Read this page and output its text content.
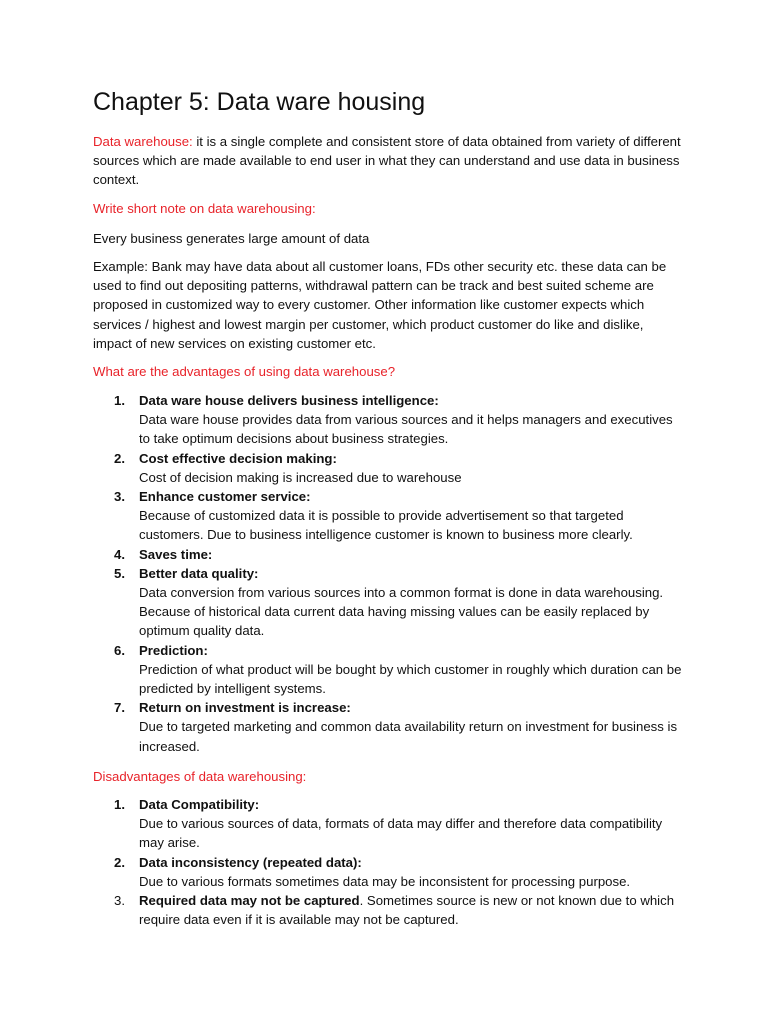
Chapter 5: Data ware housing

Data warehouse: it is a single complete and consistent store of data obtained from variety of different sources which are made available to end user in what they can understand and use data in business context.

Write short note on data warehousing:

Every business generates large amount of data

Example: Bank may have data about all customer loans, FDs other security etc. these data can be used to find out depositing patterns, withdrawal pattern can be track and best suited scheme are proposed in customized way to every customer. Other information like customer expects which services / highest and lowest margin per customer, which product customer do like and dislike, impact of new services on existing customer etc.

What are the advantages of using data warehouse?

1. Data ware house delivers business intelligence:
Data ware house provides data from various sources and it helps managers and executives to take optimum decisions about business strategies.
2. Cost effective decision making:
Cost of decision making is increased due to warehouse
3. Enhance customer service:
Because of customized data it is possible to provide advertisement so that targeted customers. Due to business intelligence customer is known to business more clearly.
4. Saves time:
5. Better data quality:
Data conversion from various sources into a common format is done in data warehousing. Because of historical data current data having missing values can be easily replaced by optimum quality data.
6. Prediction:
Prediction of what product will be bought by which customer in roughly which duration can be predicted by intelligent systems.
7. Return on investment is increase:
Due to targeted marketing and common data availability return on investment for business is increased.

Disadvantages of data warehousing:

1. Data Compatibility:
Due to various sources of data, formats of data may differ and therefore data compatibility may arise.
2. Data inconsistency (repeated data):
Due to various formats sometimes data may be inconsistent for processing purpose.
3. Required data may not be captured. Sometimes source is new or not known due to which require data even if it is available may not be captured.
